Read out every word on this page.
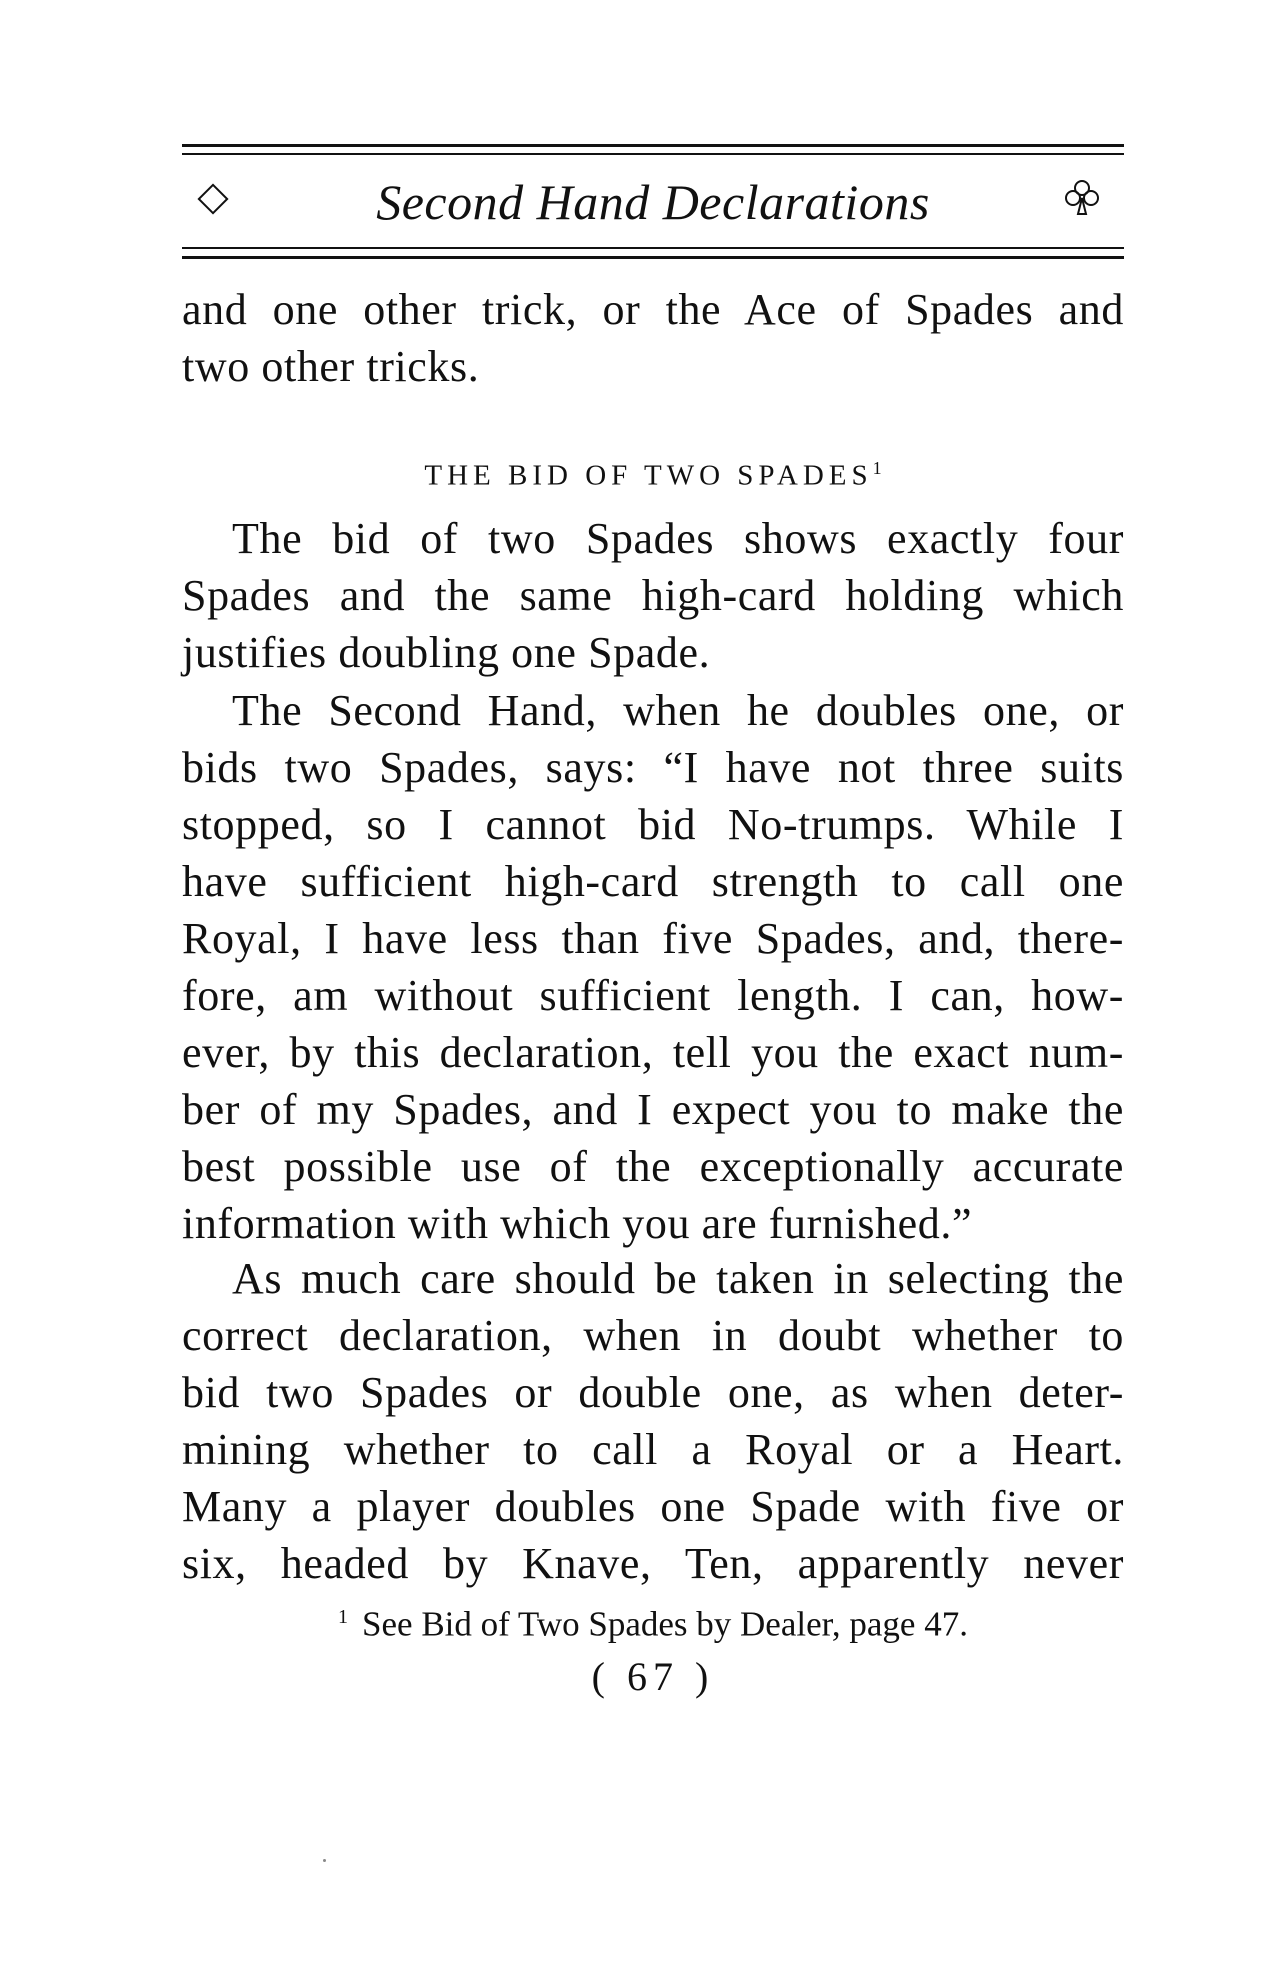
Second Hand Declarations
and one other trick, or the Ace of Spades and
two other tricks.
THE BID OF TWO SPADES$^1$
The bid of two Spades shows exactly four
Spades and the same high-card holding which
justifies doubling one Spade.
The Second Hand, when he doubles one, or
bids two Spades, says: “I have not three suits
stopped, so I cannot bid No-trumps. While I
have sufficient high-card strength to call one
Royal, I have less than five Spades, and, there-
fore, am without sufficient length. I can, how-
ever, by this declaration, tell you the exact num-
ber of my Spades, and I expect you to make the
best possible use of the exceptionally accurate
information with which you are furnished.”
As much care should be taken in selecting the
correct declaration, when in doubt whether to
bid two Spades or double one, as when deter-
mining whether to call a Royal or a Heart.
Many a player doubles one Spade with five or
six, headed by Knave, Ten, apparently never
$^1$ See Bid of Two Spades by Dealer, page 47.
( 67 )
